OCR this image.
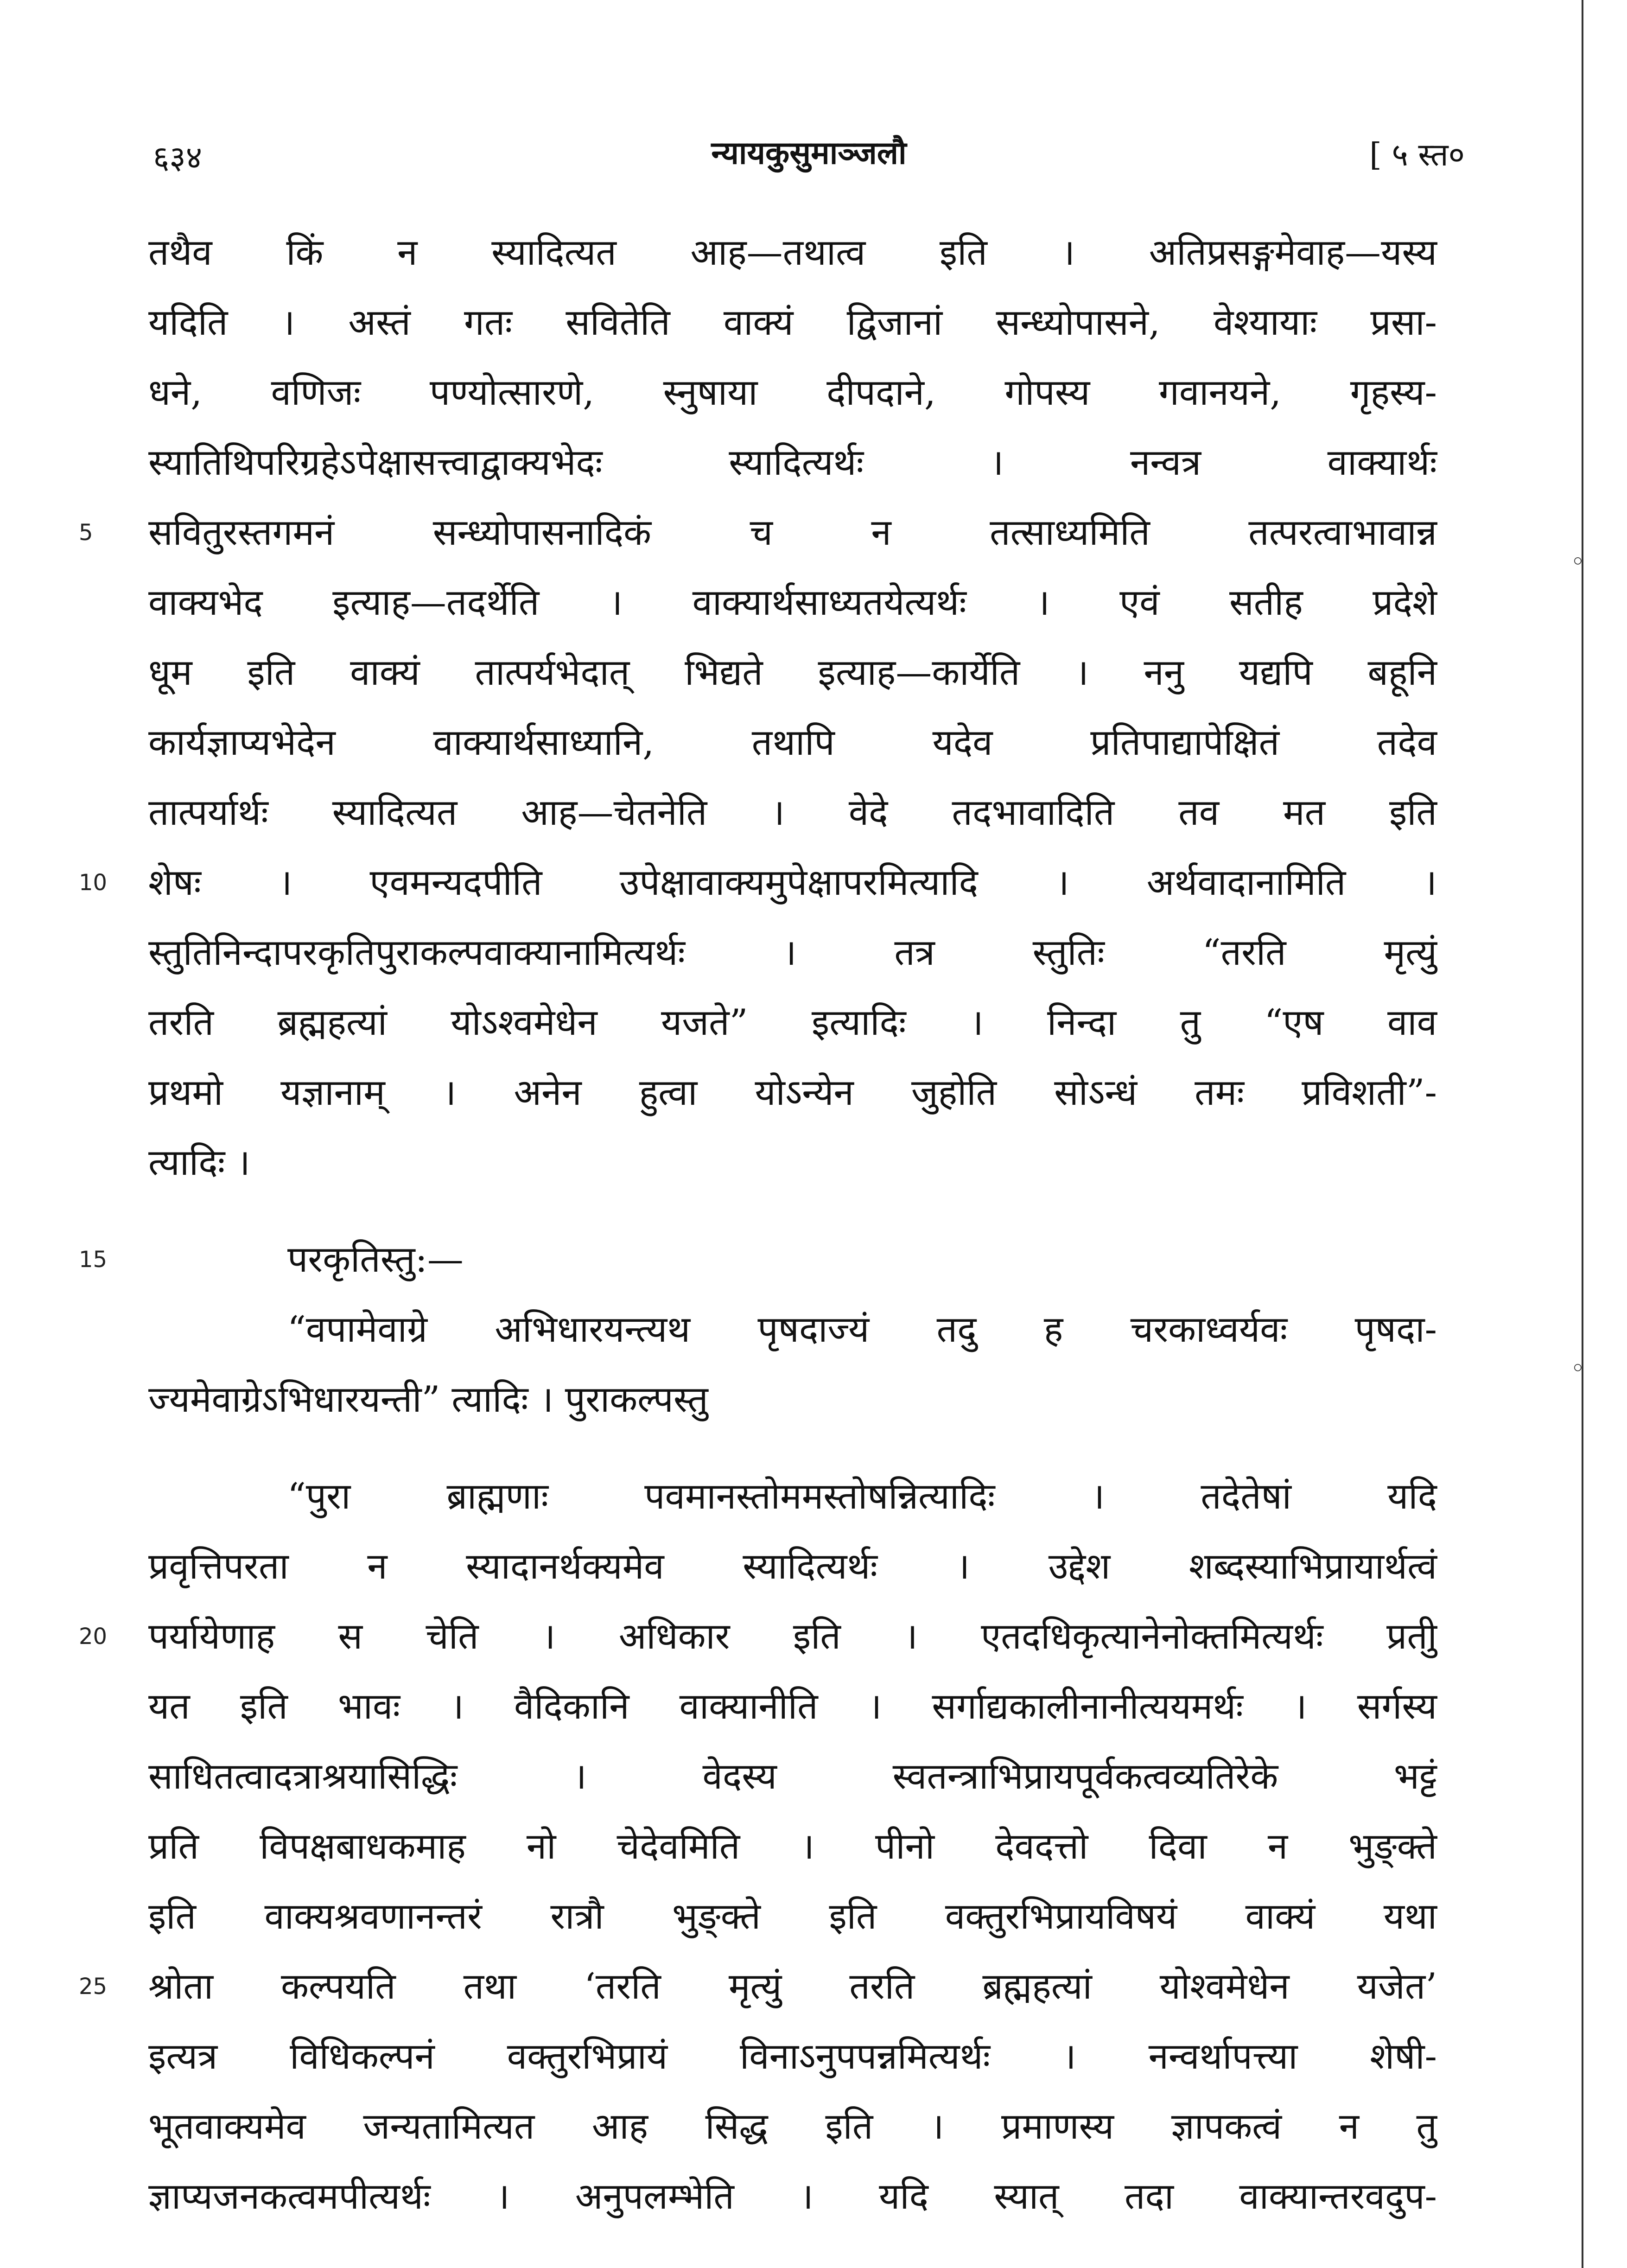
६३४	न्यायकुसुमाञ्जलौ	[ ५ स्त०
तथैव किं न स्यादित्यत आह—तथात्व इति । अतिप्रसङ्गमेवाह—यस्य
यदिति । अस्तं गतः सवितेति वाक्यं द्विजानां सन्ध्योपासने, वेश्यायाः प्रसा-
धने, वणिजः पण्योत्सारणे, स्नुषाया दीपदाने, गोपस्य गवानयने, गृहस्य-
स्यातिथिपरिग्रहेऽपेक्षासत्त्वाद्वाक्यभेदः स्यादित्यर्थः । नन्वत्र वाक्यार्थः
5	सवितुरस्तगमनं सन्ध्योपासनादिकं च न तत्साध्यमिति तत्परत्वाभावान्न
वाक्यभेद इत्याह—तदर्थेति । वाक्यार्थसाध्यतयेत्यर्थः । एवं सतीह प्रदेशे
धूम इति वाक्यं तात्पर्यभेदात् भिद्यते इत्याह—कार्येति । ननु यद्यपि बहूनि
कार्यज्ञाप्यभेदेन वाक्यार्थसाध्यानि, तथापि यदेव प्रतिपाद्यापेक्षितं तदेव
तात्पर्यार्थः स्यादित्यत आह—चेतनेति । वेदे तदभावादिति तव मत इति
10	शेषः । एवमन्यदपीति उपेक्षावाक्यमुपेक्षापरमित्यादि । अर्थवादानामिति ।
स्तुतिनिन्दापरकृतिपुराकल्पवाक्यानामित्यर्थः । तत्र स्तुतिः “तरति मृत्युं
तरति ब्रह्महत्यां योऽश्वमेधेन यजते” इत्यादिः । निन्दा तु “एष वाव
प्रथमो यज्ञानाम् । अनेन हुत्वा योऽन्येन जुहोति सोऽन्धं तमः प्रविशती”-
त्यादिः ।
15	परकृतिस्तु:—
“वपामेवाग्रे अभिधारयन्त्यथ पृषदाज्यं तदु ह चरकाध्वर्यवः पृषदा-
ज्यमेवाग्रेऽभिधारयन्ती” त्यादिः । पुराकल्पस्तु
“पुरा ब्राह्मणाः पवमानस्तोममस्तोषन्नित्यादिः । तदेतेषां यदि
प्रवृत्तिपरता न स्यादानर्थक्यमेव स्यादित्यर्थः । उद्देश शब्दस्याभिप्रायार्थत्वं
20	पर्यायेणाह स चेति । अधिकार इति । एतदधिकृत्यानेनोक्तमित्यर्थः प्रतीु
यत इति भावः । वैदिकानि वाक्यानीति । सर्गाद्यकालीनानीत्ययमर्थः । सर्गस्य
साधितत्वादत्राश्रयासिद्धिः । वेदस्य स्वतन्त्राभिप्रायपूर्वकत्वव्यतिरेके भट्टं
प्रति विपक्षबाधकमाह नो चेदेवमिति । पीनो देवदत्तो दिवा न भुङ्क्ते
इति वाक्यश्रवणानन्तरं रात्रौ भुङ्क्ते इति वक्तुरभिप्रायविषयं वाक्यं यथा
25	श्रोता कल्पयति तथा ‘तरति मृत्युं तरति ब्रह्महत्यां योश्वमेधेन यजेत’
इत्यत्र विधिकल्पनं वक्तुरभिप्रायं विनाऽनुपपन्नमित्यर्थः । नन्वर्थापत्त्या शेषी-
भूतवाक्यमेव जन्यतामित्यत आह सिद्ध इति । प्रमाणस्य ज्ञापकत्वं न तु
ज्ञाप्यजनकत्वमपीत्यर्थः । अनुपलम्भेति । यदि स्यात् तदा वाक्यान्तरवदुप-
◦
◦
